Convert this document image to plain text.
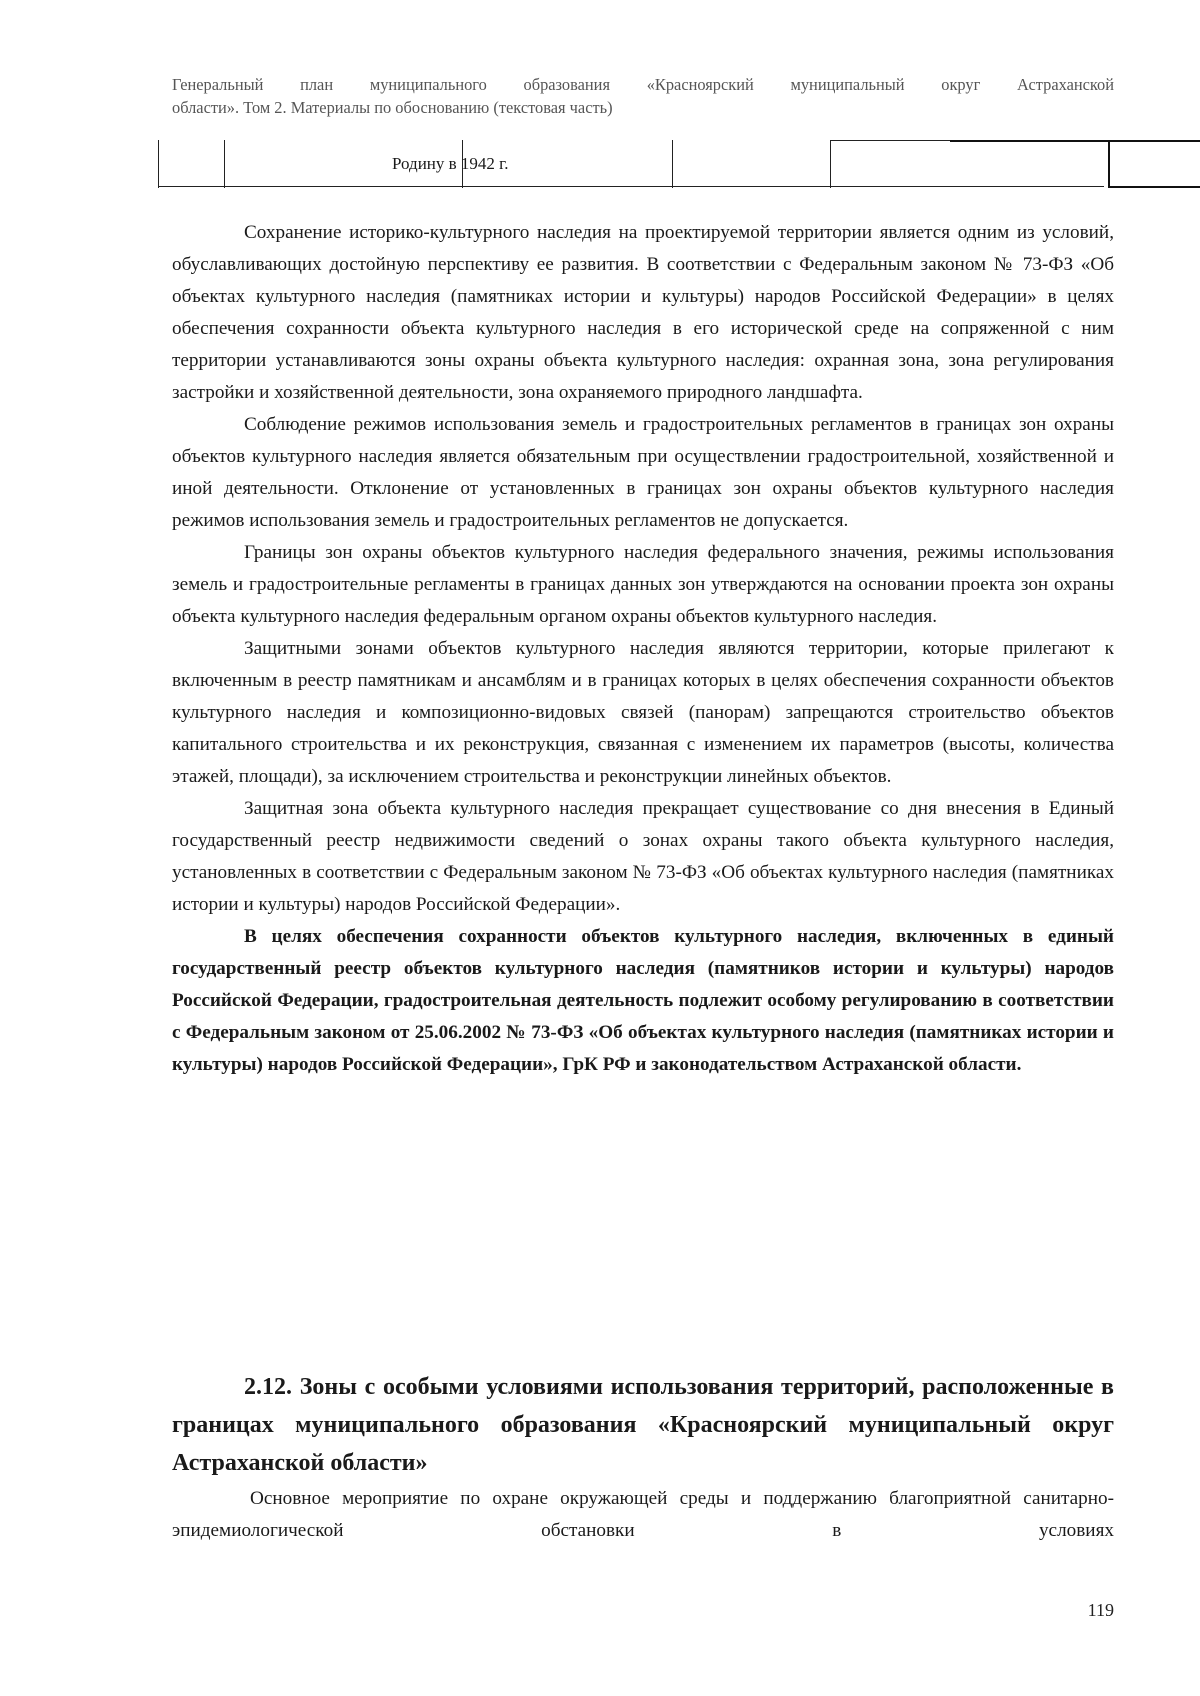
Генеральный план муниципального образования «Красноярский муниципальный округ Астраханской
области». Том 2. Материалы по обоснованию (текстовая часть)
Родину в 1942 г.

Сохранение историко-культурного наследия на проектируемой территории является одним из условий, обуславливающих достойную перспективу ее развития. В соответствии с Федеральным законом № 73-ФЗ «Об объектах культурного наследия (памятниках истории и культуры) народов Российской Федерации» в целях обеспечения сохранности объекта культурного наследия в его исторической среде на сопряженной с ним территории устанавливаются зоны охраны объекта культурного наследия: охранная зона, зона регулирования застройки и хозяйственной деятельности, зона охраняемого природного ландшафта.

Соблюдение режимов использования земель и градостроительных регламентов в границах зон охраны объектов культурного наследия является обязательным при осуществлении градостроительной, хозяйственной и иной деятельности. Отклонение от установленных в границах зон охраны объектов культурного наследия режимов использования земель и градостроительных регламентов не допускается.

Границы зон охраны объектов культурного наследия федерального значения, режимы использования земель и градостроительные регламенты в границах данных зон утверждаются на основании проекта зон охраны объекта культурного наследия федеральным органом охраны объектов культурного наследия.

Защитными зонами объектов культурного наследия являются территории, которые прилегают к включенным в реестр памятникам и ансамблям и в границах которых в целях обеспечения сохранности объектов культурного наследия и композиционно-видовых связей (панорам) запрещаются строительство объектов капитального строительства и их реконструкция, связанная с изменением их параметров (высоты, количества этажей, площади), за исключением строительства и реконструкции линейных объектов.

Защитная зона объекта культурного наследия прекращает существование со дня внесения в Единый государственный реестр недвижимости сведений о зонах охраны такого объекта культурного наследия, установленных в соответствии с Федеральным законом № 73-ФЗ «Об объектах культурного наследия (памятниках истории и культуры) народов Российской Федерации».

В целях обеспечения сохранности объектов культурного наследия, включенных в единый государственный реестр объектов культурного наследия (памятников истории и культуры) народов Российской Федерации, градостроительная деятельность подлежит особому регулированию в соответствии с Федеральным законом от 25.06.2002 № 73-ФЗ «Об объектах культурного наследия (памятниках истории и культуры) народов Российской Федерации», ГрК РФ и законодательством Астраханской области.

2.12. Зоны с особыми условиями использования территорий, расположенные в границах муниципального образования «Красноярский муниципальный округ Астраханской области»

Основное мероприятие по охране окружающей среды и поддержанию благоприятной санитарно-эпидемиологической обстановки в условиях

119
